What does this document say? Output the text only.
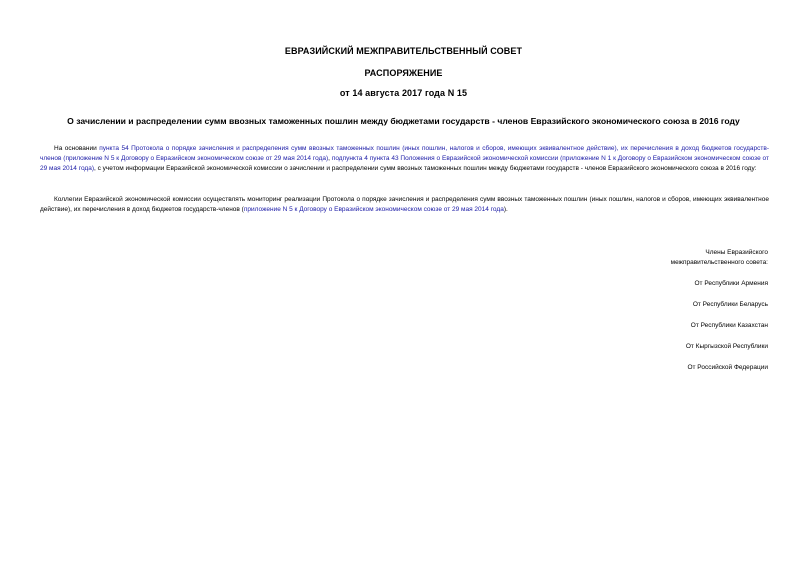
ЕВРАЗИЙСКИЙ МЕЖПРАВИТЕЛЬСТВЕННЫЙ СОВЕТ
РАСПОРЯЖЕНИЕ
от 14 августа 2017 года N 15
О зачислении и распределении сумм ввозных таможенных пошлин между бюджетами государств - членов Евразийского экономического союза в 2016 году
На основании пункта 54 Протокола о порядке зачисления и распределения сумм ввозных таможенных пошлин (иных пошлин, налогов и сборов, имеющих эквивалентное действие), их перечисления в доход бюджетов государств-членов (приложение N 5 к Договору о Евразийском экономическом союзе от 29 мая 2014 года), подпункта 4 пункта 43 Положения о Евразийской экономической комиссии (приложение N 1 к Договору о Евразийском экономическом союзе от 29 мая 2014 года), с учетом информации Евразийской экономической комиссии о зачислении и распределении сумм ввозных таможенных пошлин между бюджетами государств - членов Евразийского экономического союза в 2016 году:
Коллегии Евразийской экономической комиссии осуществлять мониторинг реализации Протокола о порядке зачисления и распределения сумм ввозных таможенных пошлин (иных пошлин, налогов и сборов, имеющих эквивалентное действие), их перечисления в доход бюджетов государств-членов (приложение N 5 к Договору о Евразийском экономическом союзе от 29 мая 2014 года).
Члены Евразийского
межправительственного совета:
От Республики Армения
От Республики Беларусь
От Республики Казахстан
От Кыргызской Республики
От Российской Федерации
